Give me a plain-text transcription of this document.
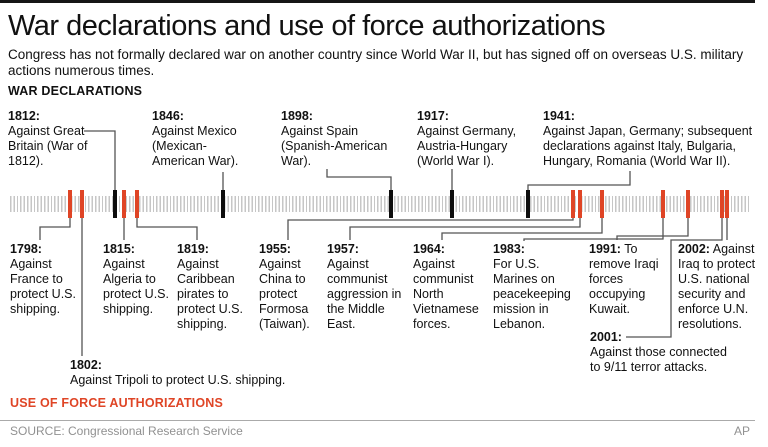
War declarations and use of force authorizations
Congress has not formally declared war on another country since World War II, but has signed off on overseas U.S. military actions numerous times.
WAR DECLARATIONS
1812:
Against Great Britain (War of 1812).
1846:
Against Mexico (Mexican-American War).
1898:
Against Spain (Spanish-American War).
1917:
Against Germany, Austria-Hungary (World War I).
1941:
Against Japan, Germany; subsequent declarations against Italy, Bulgaria, Hungary, Romania (World War II).
1798:
Against France to protect U.S. shipping.
1802:
Against Tripoli to protect U.S. shipping.
1815:
Against Algeria to protect U.S. shipping.
1819:
Against Caribbean pirates to protect U.S. shipping.
1955:
Against China to protect Formosa (Taiwan).
1957:
Against communist aggression in the Middle East.
1964:
Against communist North Vietnamese forces.
1983:
For U.S. Marines on peacekeeping mission in Lebanon.
1991: To remove Iraqi forces occupying Kuwait.
2001:
Against those connected to 9/11 terror attacks.
2002: Against Iraq to protect U.S. national security and enforce U.N. resolutions.
USE OF FORCE AUTHORIZATIONS
SOURCE: Congressional Research Service	AP
